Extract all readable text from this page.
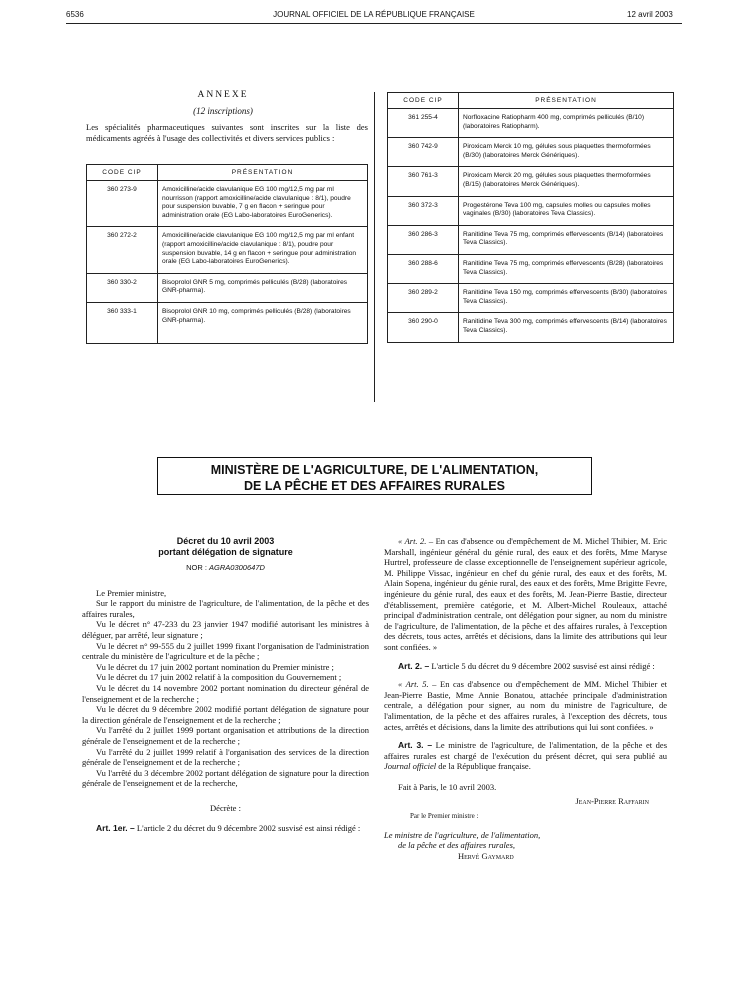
6536	JOURNAL OFFICIEL DE LA RÉPUBLIQUE FRANÇAISE	12 avril 2003
ANNEXE
(12 inscriptions)

Les spécialités pharmaceutiques suivantes sont inscrites sur la liste des médicaments agréés à l'usage des collectivités et divers services publics :

CODE CIP	PRÉSENTATION
360 273-9	Amoxicilline/acide clavulanique EG 100 mg/12,5 mg par ml nourrisson (rapport amoxicilline/acide clavulanique : 8/1), poudre pour suspension buvable, 7 g en flacon + seringue pour administration orale (EG Labo-laboratoires EuroGenerics).
360 272-2	Amoxicilline/acide clavulanique EG 100 mg/12,5 mg par ml enfant (rapport amoxicilline/acide clavulanique : 8/1), poudre pour suspension buvable, 14 g en flacon + seringue pour administration orale (EG Labo-laboratoires EuroGenerics).
360 330-2	Bisoprolol GNR 5 mg, comprimés pelliculés (B/28) (laboratoires GNR-pharma).
360 333-1	Bisoprolol GNR 10 mg, comprimés pelliculés (B/28) (laboratoires GNR-pharma).
CODE CIP	PRÉSENTATION
361 255-4	Norfloxacine Ratiopharm 400 mg, comprimés pelliculés (B/10) (laboratoires Ratiopharm).
360 742-9	Piroxicam Merck 10 mg, gélules sous plaquettes thermoformées (B/30) (laboratoires Merck Génériques).
360 761-3	Piroxicam Merck 20 mg, gélules sous plaquettes thermoformées (B/15) (laboratoires Merck Génériques).
360 372-3	Progestérone Teva 100 mg, capsules molles ou capsules molles vaginales (B/30) (laboratoires Teva Classics).
360 286-3	Ranitidine Teva 75 mg, comprimés effervescents (B/14) (laboratoires Teva Classics).
360 288-6	Ranitidine Teva 75 mg, comprimés effervescents (B/28) (laboratoires Teva Classics).
360 289-2	Ranitidine Teva 150 mg, comprimés effervescents (B/30) (laboratoires Teva Classics).
360 290-0	Ranitidine Teva 300 mg, comprimés effervescents (B/14) (laboratoires Teva Classics).
MINISTÈRE DE L'AGRICULTURE, DE L'ALIMENTATION,
DE LA PÊCHE ET DES AFFAIRES RURALES
Décret du 10 avril 2003
portant délégation de signature
NOR : AGRA0300647D

Le Premier ministre,

Sur le rapport du ministre de l'agriculture, de l'alimentation, de la pêche et des affaires rurales,

Vu le décret n° 47-233 du 23 janvier 1947 modifié autorisant les ministres à déléguer, par arrêté, leur signature ;

Vu le décret n° 99-555 du 2 juillet 1999 fixant l'organisation de l'administration centrale du ministère de l'agriculture et de la pêche ;

Vu le décret du 17 juin 2002 portant nomination du Premier ministre ;

Vu le décret du 17 juin 2002 relatif à la composition du Gouvernement ;

Vu le décret du 14 novembre 2002 portant nomination du directeur général de l'enseignement et de la recherche ;

Vu le décret du 9 décembre 2002 modifié portant délégation de signature pour la direction générale de l'enseignement et de la recherche ;

Vu l'arrêté du 2 juillet 1999 portant organisation et attributions de la direction générale de l'enseignement et de la recherche ;

Vu l'arrêté du 2 juillet 1999 relatif à l'organisation des services de la direction générale de l'enseignement et de la recherche ;

Vu l'arrêté du 3 décembre 2002 portant délégation de signature pour la direction générale de l'enseignement et de la recherche,

Décrète :

Art. 1er. – L'article 2 du décret du 9 décembre 2002 susvisé est ainsi rédigé :

« Art. 2. – En cas d'absence ou d'empêchement de M. Michel Thibier, M. Eric Marshall, ingénieur général du génie rural, des eaux et des forêts, Mme Maryse Hurtrel, professeure de classe exceptionnelle de l'enseignement supérieur agricole, M. Philippe Vissac, ingénieur en chef du génie rural, des eaux et des forêts, M. Alain Sopena, ingénieur du génie rural, des eaux et des forêts, Mme Brigitte Fevre, ingénieure du génie rural, des eaux et des forêts, M. Jean-Pierre Bastie, directeur d'établissement, première catégorie, et M. Albert-Michel Rouleaux, attaché principal d'administration centrale, ont délégation pour signer, au nom du ministre de l'agriculture, de l'alimentation, de la pêche et des affaires rurales, à l'exception des décrets, tous actes, arrêtés et décisions, dans la limite des attributions qui leur sont confiées. »

Art. 2. – L'article 5 du décret du 9 décembre 2002 susvisé est ainsi rédigé :

« Art. 5. – En cas d'absence ou d'empêchement de MM. Michel Thibier et Jean-Pierre Bastie, Mme Annie Bonatou, attachée principale d'administration centrale, a délégation pour signer, au nom du ministre de l'agriculture, de l'alimentation, de la pêche et des affaires rurales, à l'exception des décrets, tous actes, arrêtés et décisions, dans la limite des attributions qui lui sont confiées. »

Art. 3. – Le ministre de l'agriculture, de l'alimentation, de la pêche et des affaires rurales est chargé de l'exécution du présent décret, qui sera publié au Journal officiel de la République française.

Fait à Paris, le 10 avril 2003.

Jean-Pierre Raffarin

Par le Premier ministre :

Le ministre de l'agriculture, de l'alimentation,

de la pêche et des affaires rurales,

Hervé Gaymard
